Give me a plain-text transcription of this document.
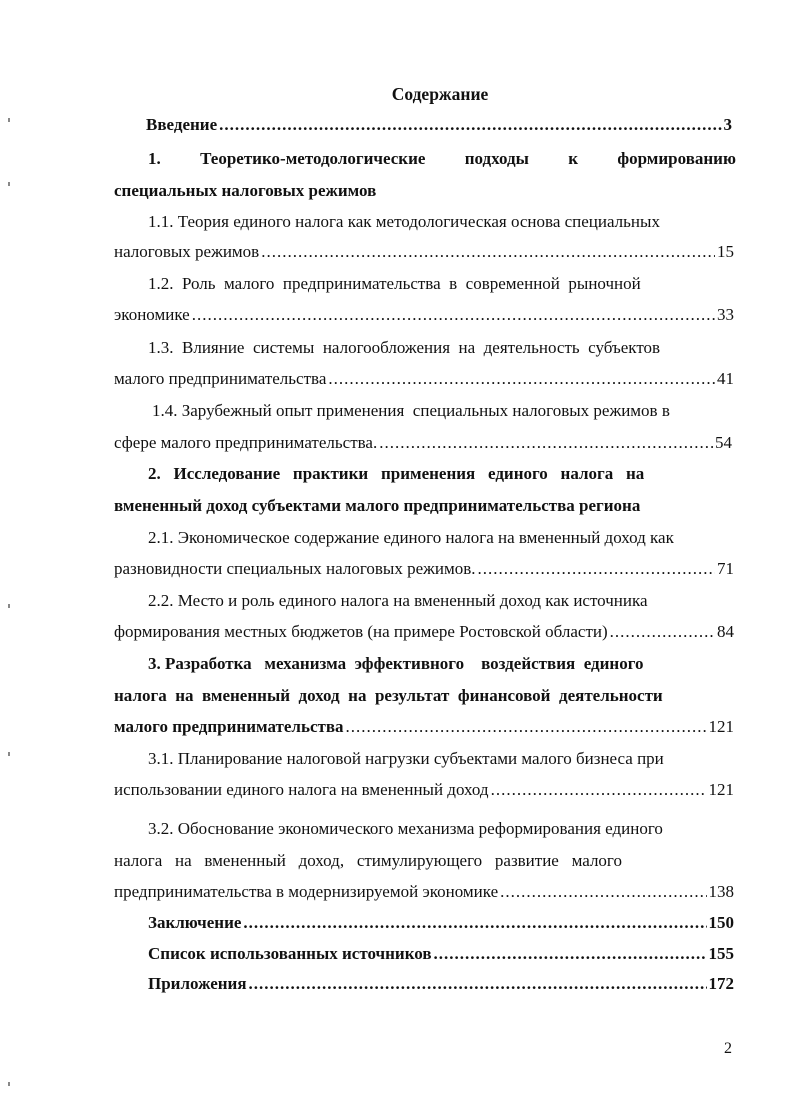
Содержание
Введение .....	3
1. Теоретико-методологические подходы к формированию
специальных налоговых режимов
1.1. Теория единого налога как методологическая основа специальных
налоговых режимов .....	15
1.2.  Роль  малого  предпринимательства  в  современной  рыночной
экономике .....	33
1.3.  Влияние  системы  налогообложения  на  деятельность  субъектов
малого предпринимательства .....	41
1.4. Зарубежный опыт применения  специальных налоговых режимов в
сфере малого предпринимательства. .....	54
2.   Исследование   практики   применения   единого   налога   на
вмененный доход субъектами малого предпринимательства региона
2.1. Экономическое содержание единого налога на вмененный доход как
разновидности специальных налоговых режимов. .....	71
2.2. Место и роль единого налога на вмененный доход как источника
формирования местных бюджетов (на примере Ростовской области) .....	84
3. Разработка   механизма  эффективного    воздействия  единого
налога  на  вмененный  доход  на  результат  финансовой  деятельности
малого предпринимательства .....	121
3.1. Планирование налоговой нагрузки субъектами малого бизнеса при
использовании единого налога на вмененный доход .....	121
3.2. Обоснование экономического механизма реформирования единого
налога   на   вмененный   доход,   стимулирующего   развитие   малого
предпринимательства в модернизируемой экономике .....	138
Заключение .....	150
Список использованных источников .....	155
Приложения .....	172
2
